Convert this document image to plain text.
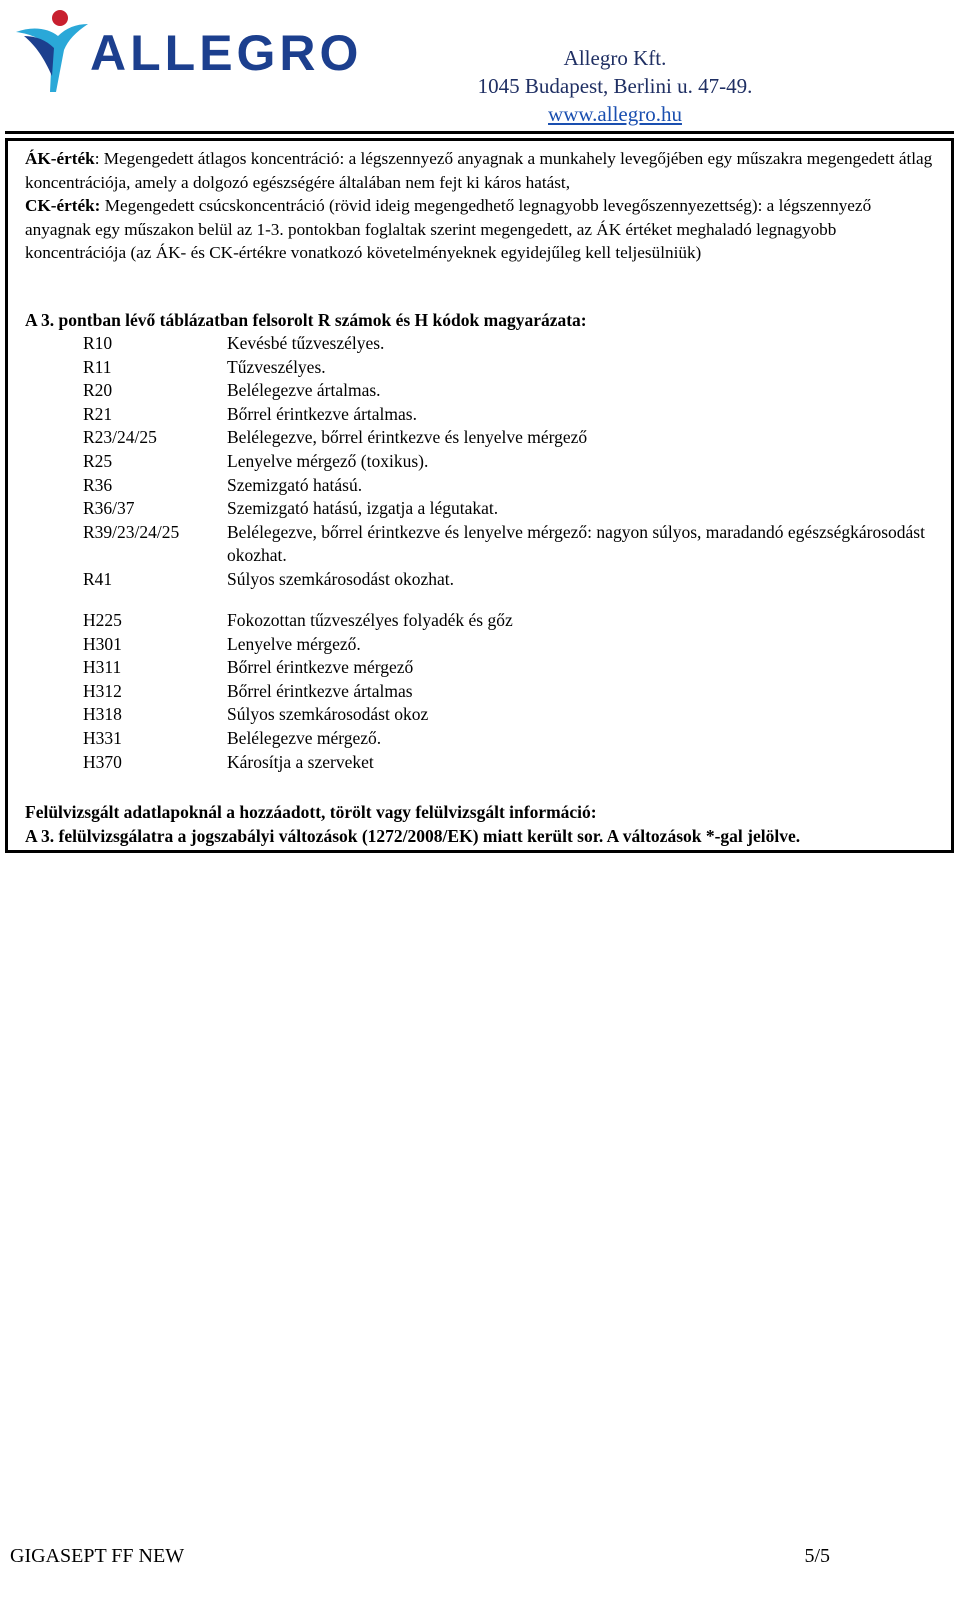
ALLEGRO	Allegro Kft.
1045 Budapest, Berlini u. 47-49.
www.allegro.hu

ÁK-érték: Megengedett átlagos koncentráció: a légszennyező anyagnak a munkahely levegőjében egy műszakra megengedett átlag koncentrációja, amely a dolgozó egészségére általában nem fejt ki káros hatást,
CK-érték: Megengedett csúcskoncentráció (rövid ideig megengedhető legnagyobb levegőszennyezettség): a légszennyező anyagnak egy műszakon belül az 1-3. pontokban foglaltak szerint megengedett, az ÁK értéket meghaladó legnagyobb koncentrációja (az ÁK- és CK-értékre vonatkozó követelményeknek egyidejűleg kell teljesülniük)

A 3. pontban lévő táblázatban felsorolt R számok és H kódok magyarázata:
R10	Kevésbé tűzveszélyes.
R11	Tűzveszélyes.
R20	Belélegezve ártalmas.
R21	Bőrrel érintkezve ártalmas.
R23/24/25	Belélegezve, bőrrel érintkezve és lenyelve mérgező
R25	Lenyelve mérgező (toxikus).
R36	Szemizgató hatású.
R36/37	Szemizgató hatású, izgatja a légutakat.
R39/23/24/25	Belélegezve, bőrrel érintkezve és lenyelve mérgező: nagyon súlyos, maradandó egészségkárosodást okozhat.
R41	Súlyos szemkárosodást okozhat.
H225	Fokozottan tűzveszélyes folyadék és gőz
H301	Lenyelve mérgező.
H311	Bőrrel érintkezve mérgező
H312	Bőrrel érintkezve ártalmas
H318	Súlyos szemkárosodást okoz
H331	Belélegezve mérgező.
H370	Károsítja a szerveket
Felülvizsgált adatlapoknál a hozzáadott, törölt vagy felülvizsgált információ:
A 3. felülvizsgálatra a jogszabályi változások (1272/2008/EK) miatt került sor. A változások *-gal jelölve.
GIGASEPT FF NEW	5/5
